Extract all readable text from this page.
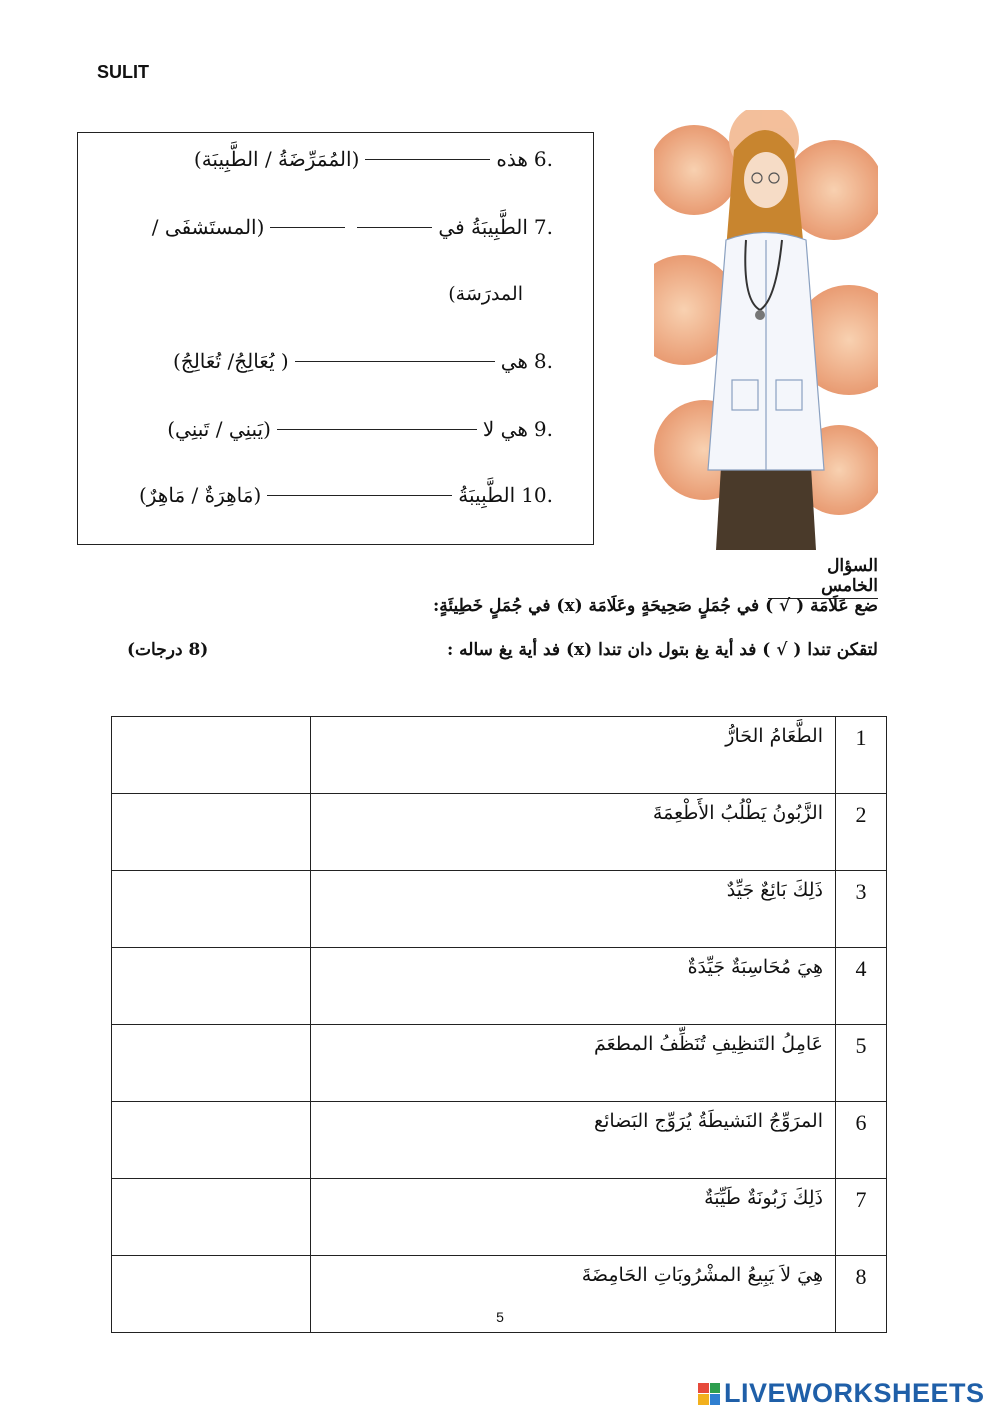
SULIT
6.
هذه
(المُمَرِّضَةُ / الطَّبِيبَة)
7.
الطَّبِيبَةُ في
(المستَشفَى /
المدرَسَة)
8.
هي
( يُعَالِجُ/ تُعَالِجُ)
9.
هي لا
(يَبنِي / تَبنِي)
10.
الطَّبِيبَةُ
(مَاهِرَةٌ / مَاهِرٌ)
السؤال الخامس
ضع عَلَامَة ( √ ) في جُمَلٍ صَحِيحَةٍ وعَلَامَة (x) في جُمَلٍ خَطِيئَةٍ:
لتقكن تندا ( √ ) فد أية يغ بتول دان تندا (x) فد أية يغ ساله :
(8 درجات)
	الطَّعَامُ الحَارُّ	1
	الزَّبُونُ يَطْلُبُ الأَطْعِمَةَ	2
	ذَلِكَ بَائِعٌ جَيِّدٌ	3
	هِيَ مُحَاسِبَةٌ جَيِّدَةٌ	4
	عَامِلُ التَنظِيفِ تُنَظِّفُ المطعَمَ	5
	المرَوِّجُ النَشيطَةُ يُرَوِّج البَضائع	6
	ذَلِكَ زَبُونَةٌ طَيِّبَةٌ	7
	هِيَ لاَ يَبِيعُ المشْرُوبَاتِ الحَامِضَةَ	8
5
LIVEWORKSHEETS
